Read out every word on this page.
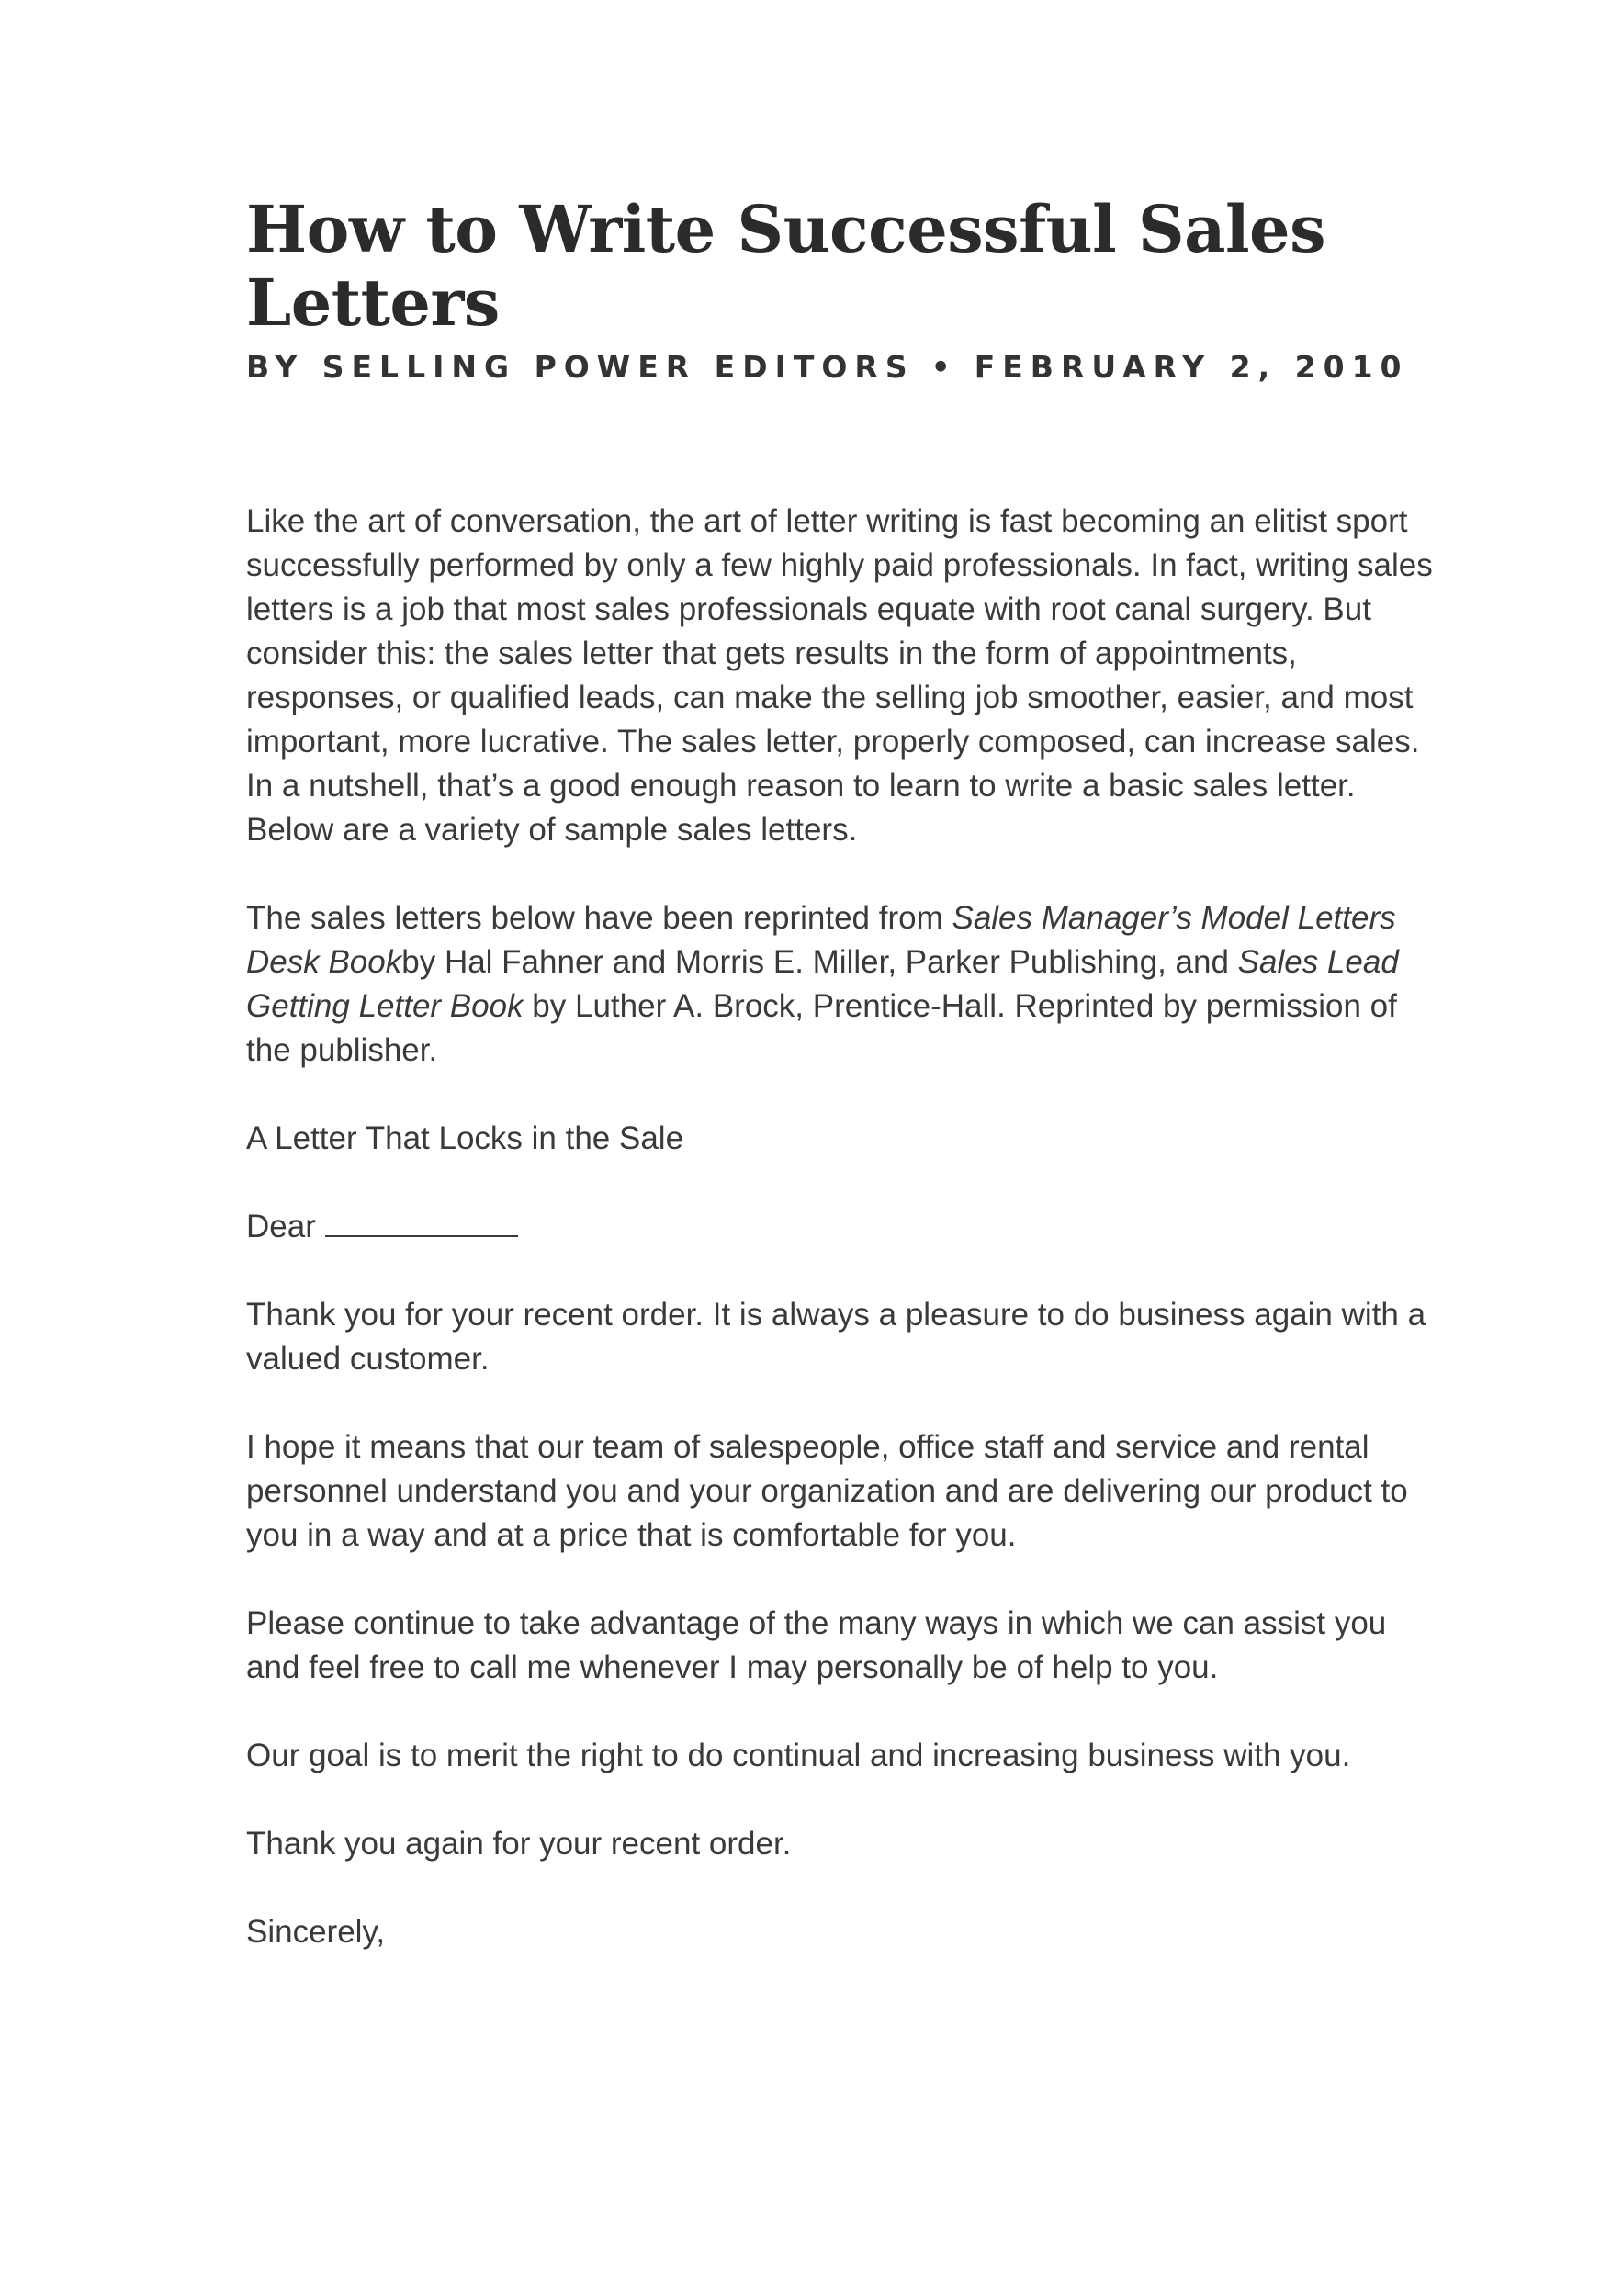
How to Write Successful Sales Letters
BY SELLING POWER EDITORS • FEBRUARY 2, 2010

Like the art of conversation, the art of letter writing is fast becoming an elitist sport successfully performed by only a few highly paid professionals. In fact, writing sales letters is a job that most sales professionals equate with root canal surgery. But consider this: the sales letter that gets results in the form of appointments, responses, or qualified leads, can make the selling job smoother, easier, and most important, more lucrative. The sales letter, properly composed, can increase sales. In a nutshell, that’s a good enough reason to learn to write a basic sales letter. Below are a variety of sample sales letters.

The sales letters below have been reprinted from Sales Manager’s Model Letters Desk Bookby Hal Fahner and Morris E. Miller, Parker Publishing, and Sales Lead Getting Letter Book by Luther A. Brock, Prentice-Hall. Reprinted by permission of the publisher.

A Letter That Locks in the Sale

Dear

Thank you for your recent order. It is always a pleasure to do business again with a valued customer.

I hope it means that our team of salespeople, office staff and service and rental personnel understand you and your organization and are delivering our product to you in a way and at a price that is comfortable for you.

Please continue to take advantage of the many ways in which we can assist you and feel free to call me whenever I may personally be of help to you.

Our goal is to merit the right to do continual and increasing business with you.

Thank you again for your recent order.

Sincerely,
